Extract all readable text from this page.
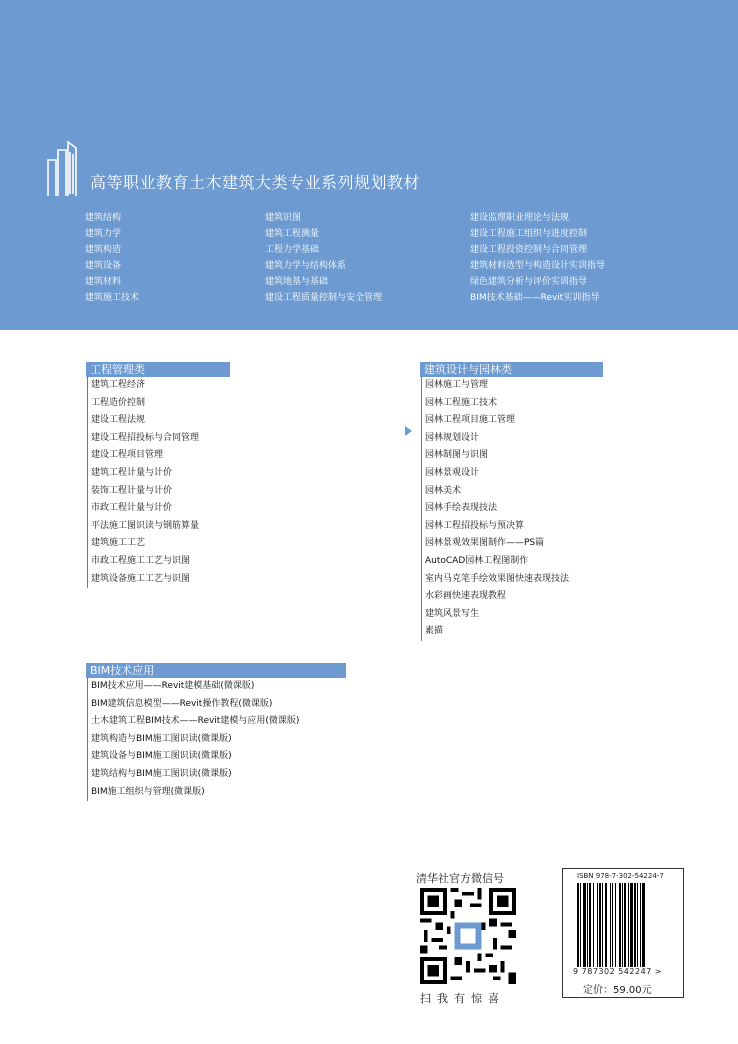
高等职业教育土木建筑大类专业系列规划教材
建筑结构
建筑力学
建筑构造
建筑设备
建筑材料
建筑施工技术
建筑识图
建筑工程测量
工程力学基础
建筑力学与结构体系
建筑地基与基础
建设工程质量控制与安全管理
建设监理职业理论与法规
建设工程施工组织与进度控制
建设工程投资控制与合同管理
建筑材料选型与构造设计实训指导
绿色建筑分析与评价实训指导
BIM技术基础——Revit实训指导
工程管理类
建筑工程经济
工程造价控制
建设工程法规
建设工程招投标与合同管理
建设工程项目管理
建筑工程计量与计价
装饰工程计量与计价
市政工程计量与计价
平法施工图识读与钢筋算量
建筑施工工艺
市政工程施工工艺与识图
建筑设备施工工艺与识图
建筑设计与园林类
园林施工与管理
园林工程施工技术
园林工程项目施工管理
园林规划设计
园林制图与识图
园林景观设计
园林美术
园林手绘表现技法
园林工程招投标与预决算
园林景观效果图制作——PS篇
AutoCAD园林工程图制作
室内马克笔手绘效果图快速表现技法
水彩画快速表现教程
建筑风景写生
素描
BIM技术应用
BIM技术应用——Revit建模基础(微课版)
BIM建筑信息模型——Revit操作教程(微课版)
土木建筑工程BIM技术——Revit建模与应用(微课版)
建筑构造与BIM施工图识读(微课版)
建筑设备与BIM施工图识读(微课版)
建筑结构与BIM施工图识读(微课版)
BIM施工组织与管理(微课版)
清华社官方微信号
扫我有惊喜
ISBN 978-7-302-54224-7
9 787302 542247 >
定价：59.00元
